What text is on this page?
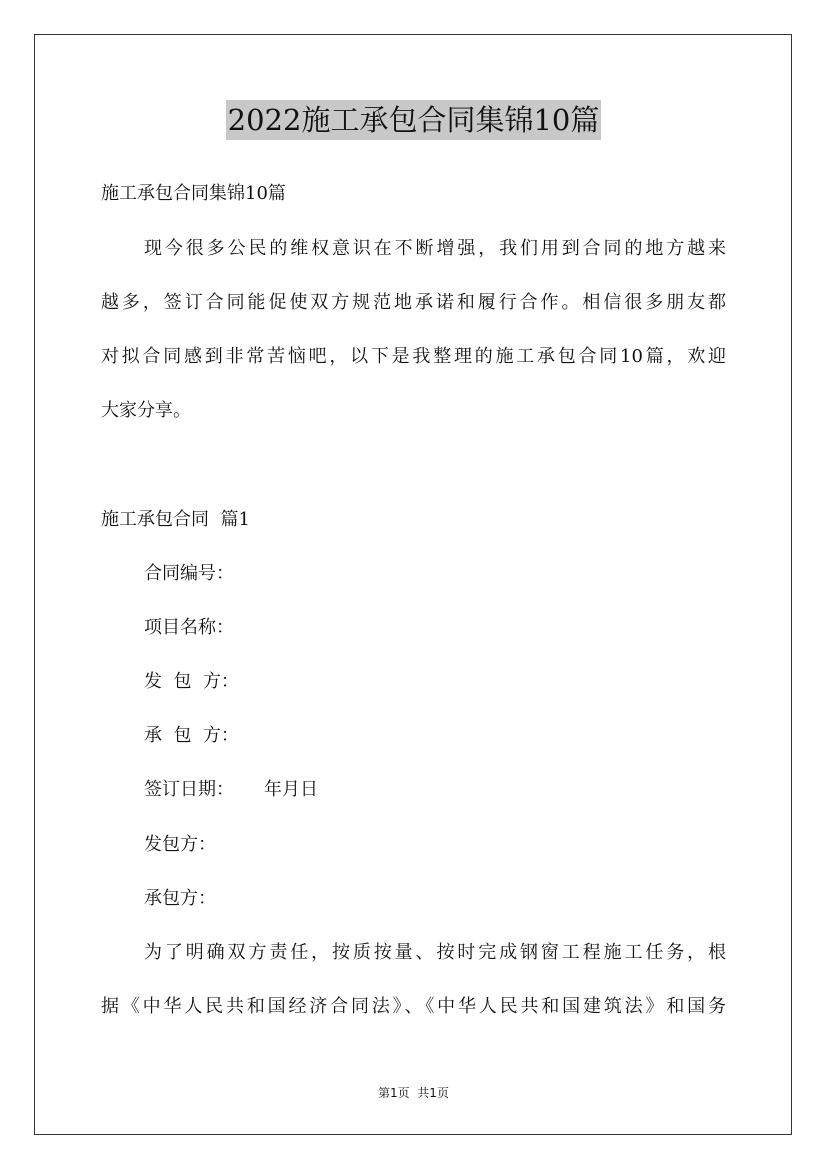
2022施工承包合同集锦10篇
施工承包合同集锦10篇
现今很多公民的维权意识在不断增强，我们用到合同的地方越来
越多，签订合同能促使双方规范地承诺和履行合作。相信很多朋友都
对拟合同感到非常苦恼吧，以下是我整理的施工承包合同10篇，欢迎
大家分享。
施工承包合同  篇1
合同编号：
项目名称：
发  包  方：
承  包  方：
签订日期： 年月日
发包方：
承包方：
为了明确双方责任，按质按量、按时完成钢窗工程施工任务，根
据《中华人民共和国经济合同法》、《中华人民共和国建筑法》和国务
第1页  共1页
